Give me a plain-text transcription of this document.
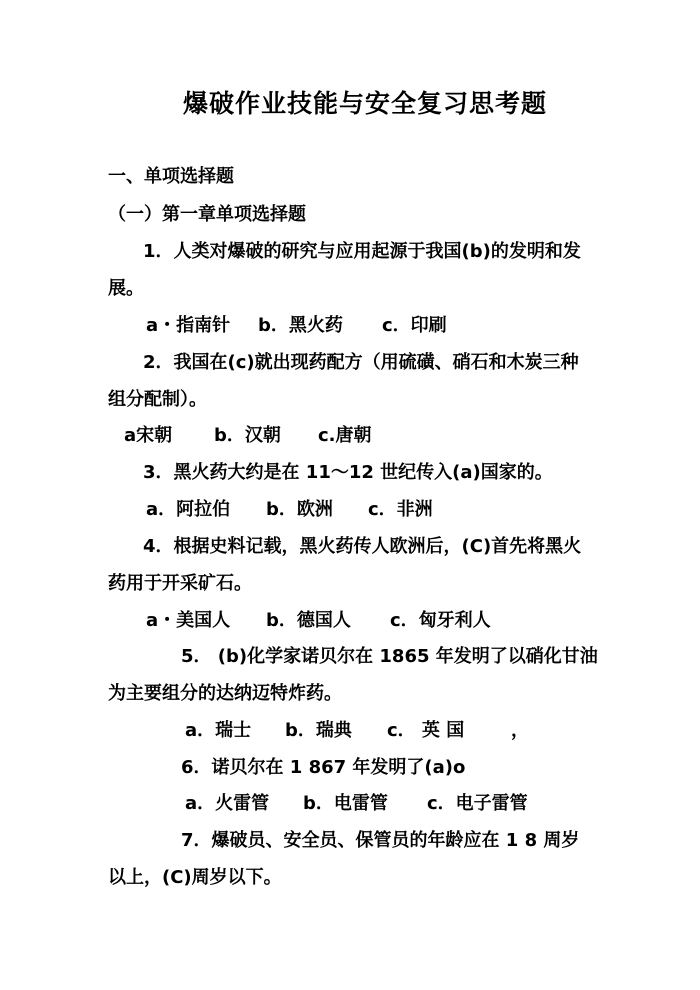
爆破作业技能与安全复习思考题
一、单项选择题
（一）第一章单项选择题
1．人类对爆破的研究与应用起源于我国(b)的发明和发
展。
a・指南针 b．黑火药 c．印刷
2．我国在(c)就出现药配方（用硫磺、硝石和木炭三种
组分配制）。
a宋朝 b．汉朝 c.唐朝
3．黑火药大约是在 11～12 世纪传入(a)国家的。
a．阿拉伯 b．欧洲 c．非洲
4．根据史料记载，黑火药传人欧洲后，(C)首先将黑火
药用于开采矿石。
a・美国人 b．德国人 c．匈牙利人
5． (b)化学家诺贝尔在 1865 年发明了以硝化甘油
为主要组分的达纳迈特炸药。
a．瑞士 b．瑞典 c． 英 国	，
6．诺贝尔在 1 867 年发明了(a)o
a．火雷管 b．电雷管 c．电子雷管
7．爆破员、安全员、保管员的年龄应在 1 8 周岁
以上，(C)周岁以下。
